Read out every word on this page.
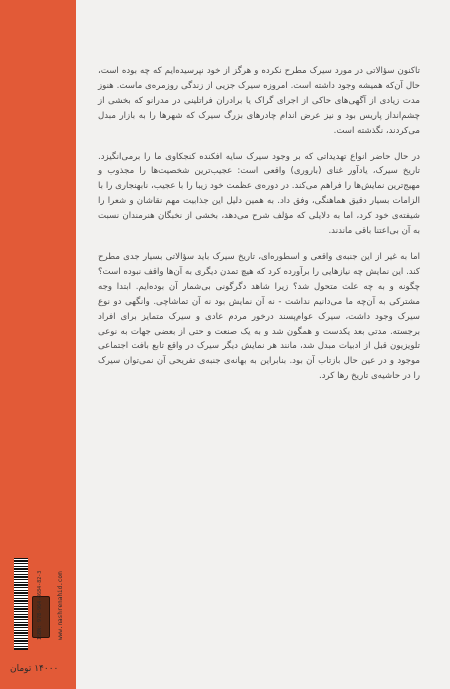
تاکنون سؤالاتی در مورد سیرک مطرح نکرده و هرگز از خود نپرسیده‌ایم که چه بوده است، حال آن‌که همیشه وجود داشته است. امروزه سیرک جزیی از زندگی روزمره‌ی ماست. هنوز مدت زیادی از آگهی‌های حاکی از اجرای گراک یا برادران فراتلینی در مدرانو که بخشی از چشم‌انداز پاریس بود و نیز عرض اندام چادرهای بزرگ سیرک که شهرها را به بازار مبدل می‌کردند، نگذشته است.

در حال حاضر انواع تهدیداتی که بر وجود سیرک سایه افکنده کنجکاوی ما را برمی‌انگیزد. تاریخ سیرک، یادآور غنای (باروری) واقعی است: عجیب‌ترین شخصیت‌ها را مجذوب و مهیج‌ترین نمایش‌ها را فراهم می‌کند. در دوره‌ی عظمت خود زیبا را با عجیب، نابهنجاری را با الزامات بسیار دقیق هماهنگی، وفق داد. به همین دلیل این جذابیت مهم نقاشان و شعرا را شیفته‌ی خود کرد، اما به دلایلی که مؤلف شرح می‌دهد، بخشی از نخبگان هنرمندان نسبت به آن بی‌اعتنا باقی ماندند.

اما به غیر از این جنبه‌ی واقعی و اسطوره‌ای، تاریخ سیرک باید سؤالاتی بسیار جدی مطرح کند. این نمایش چه نیازهایی را برآورده کرد که هیچ تمدن دیگری به آن‌ها واقف نبوده است؟ چگونه و به چه علت متحول شد؟ زیرا شاهد دگرگونی بی‌شمار آن بوده‌ایم. ابتدا وجه مشترکی به آن‌چه ما می‌دانیم نداشت - نه آن نمایش بود نه آن تماشاچی. وانگهی دو نوع سیرک وجود داشت، سیرک عوام‌پسند درخور مردم عادی و سیرک متمایز برای افراد برجسته. مدتی بعد یکدست و همگون شد و به یک صنعت و حتی از بعضی جهات به نوعی تلویزیون قبل از ادبیات مبدل شد، مانند هر نمایش دیگر سیرک در واقع تابع بافت اجتماعی موجود و در عین حال بازتاب آن بود. بنابراین به بهانه‌ی جنبه‌ی تفریحی آن نمی‌توان سیرک را در حاشیه‌ی تاریخ رها کرد.

ISBN: 978-964-8684-82-3 www.nashrenahid.com
۱۴۰۰۰ تومان
